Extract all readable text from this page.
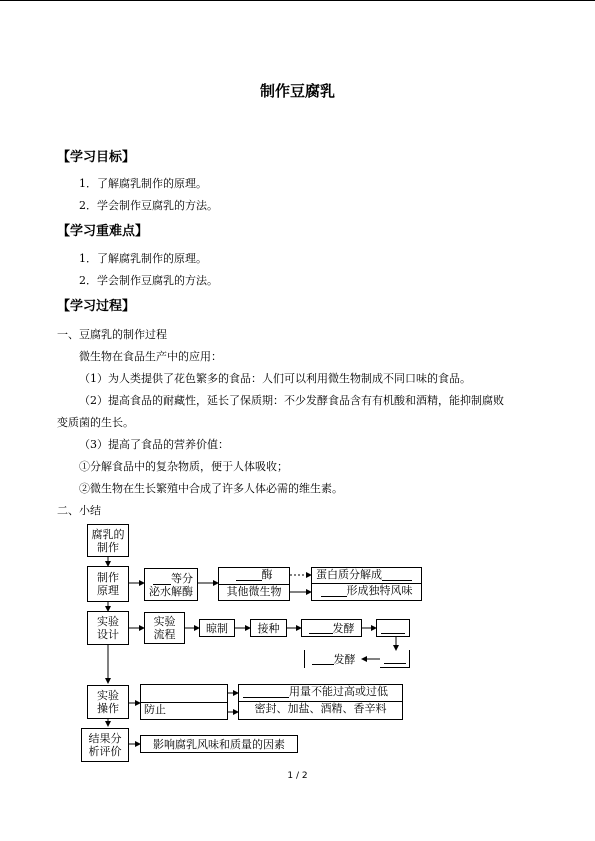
制作豆腐乳
【学习目标】
1．了解腐乳制作的原理。
2．学会制作豆腐乳的方法。
【学习重难点】
1．了解腐乳制作的原理。
2．学会制作豆腐乳的方法。
【学习过程】
一、豆腐乳的制作过程
微生物在食品生产中的应用：
（1）为人类提供了花色繁多的食品：人们可以利用微生物制成不同口味的食品。
（2）提高食品的耐藏性，延长了保质期：不少发酵食品含有有机酸和酒精，能抑制腐败
变质菌的生长。
（3）提高了食品的营养价值：
①分解食品中的复杂物质，便于人体吸收；
②微生物在生长繁殖中合成了许多人体必需的维生素。
二、小结
腐乳的
制作
制作
原理
等分
泌水解酶
酶
其他微生物
蛋白质分解成
形成独特风味
实验
设计
实验
流程	晾制	接种	发酵
发酵
实验
操作 防止
用量不能过高或过低
密封、加盐、酒精、香辛料
结果分
析评价
影响腐乳风味和质量的因素
1 / 2
